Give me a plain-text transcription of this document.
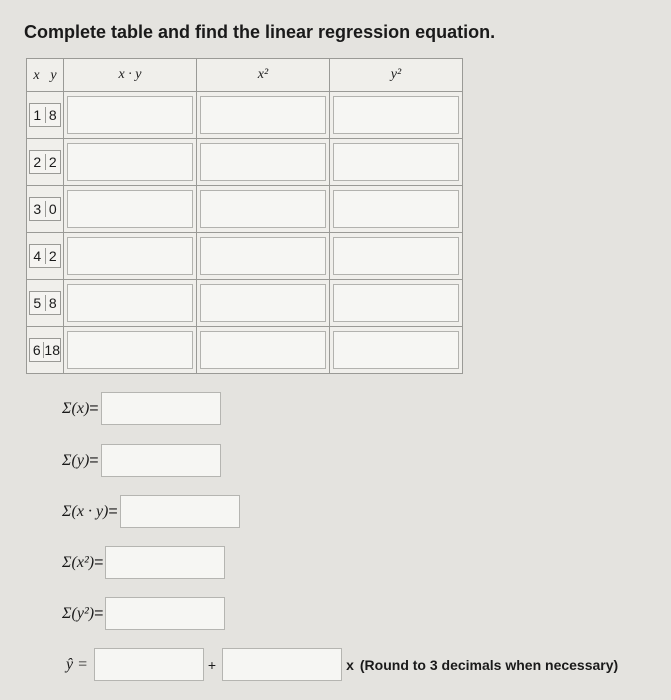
Complete table and find the linear regression equation.
x y	x · y	x²	y²

1 8

2 2

3 0

4 2

5 8

6 18

Σ(x) =
Σ(y) =
Σ(x · y) =
Σ(x²) =
Σ(y²) =
ŷ =	+	x (Round to 3 decimals when necessary)
